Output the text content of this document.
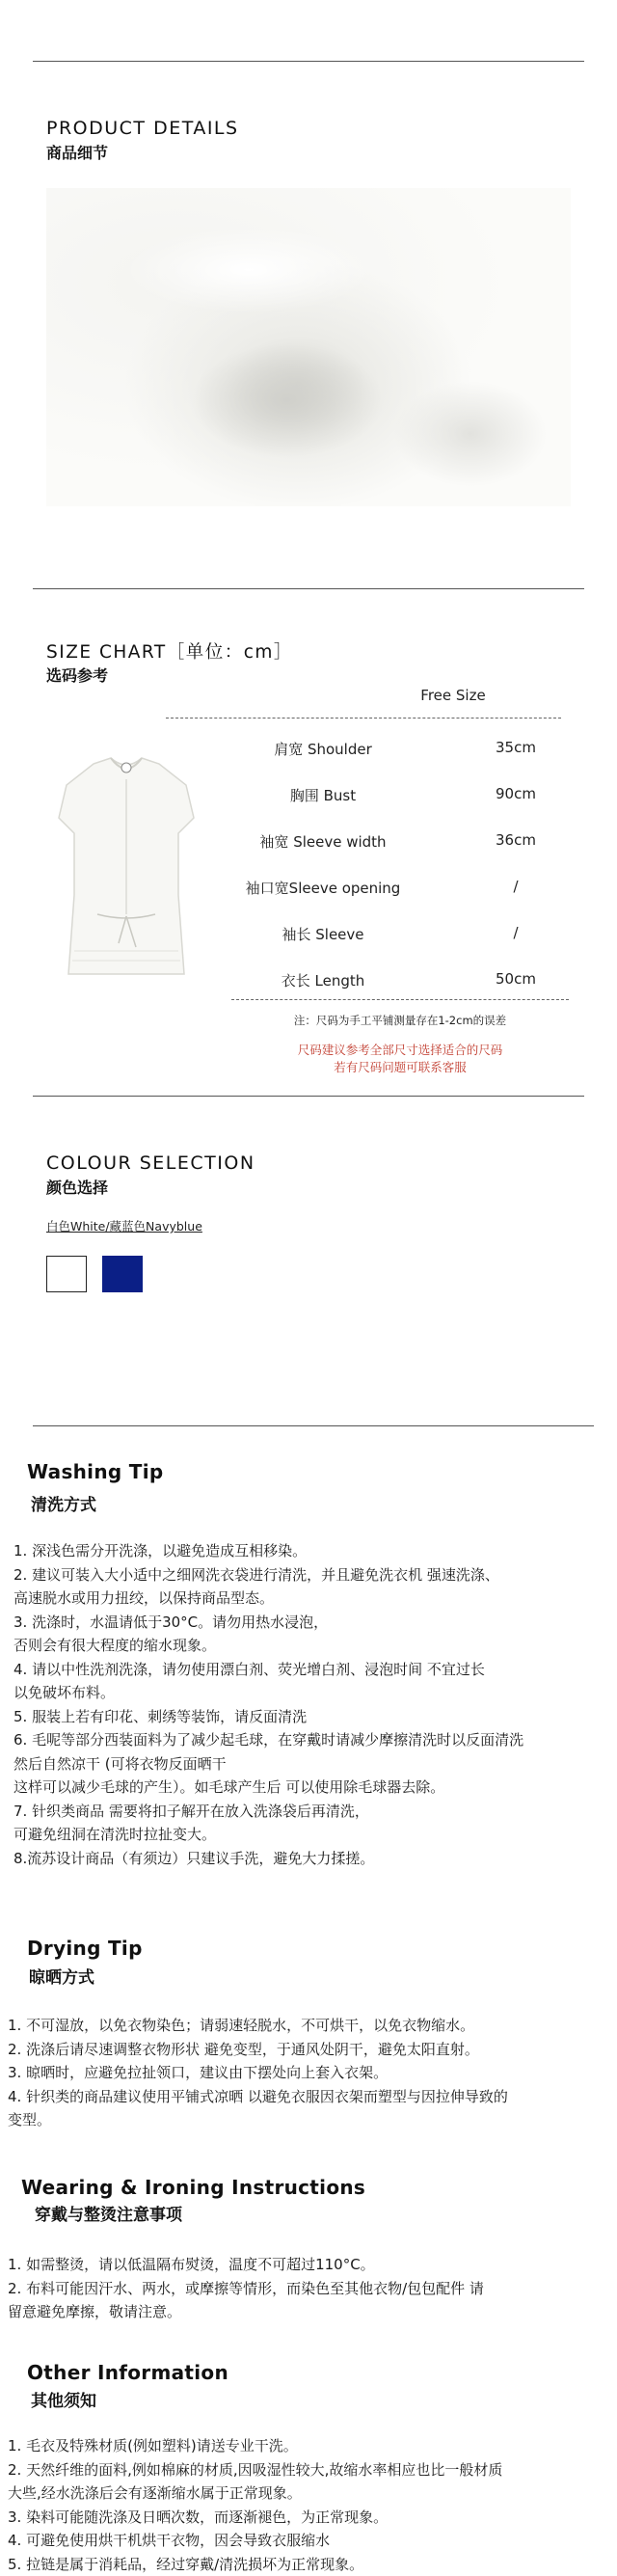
PRODUCT DETAILS
商品细节
SIZE CHART［单位：cm］
选码参考
Free Size
肩宽 Shoulder	35cm
胸围 Bust	90cm
袖宽 Sleeve width	36cm
袖口宽Sleeve opening	/
袖长 Sleeve	/
衣长 Length	50cm
注：尺码为手工平铺测量存在1-2cm的误差
尺码建议参考全部尺寸选择适合的尺码
若有尺码问题可联系客服
COLOUR SELECTION
颜色选择
白色White/藏蓝色Navyblue
Washing Tip
清洗方式
1. 深浅色需分开洗涤，以避免造成互相移染。
2. 建议可装入大小适中之细网洗衣袋进行清洗，并且避免洗衣机 强速洗涤、
高速脱水或用力扭绞，以保持商品型态。
3. 洗涤时，水温请低于30°C。请勿用热水浸泡，
否则会有很大程度的缩水现象。
4. 请以中性洗剂洗涤，请勿使用漂白剂、荧光增白剂、浸泡时间 不宜过长
以免破坏布料。
5. 服装上若有印花、刺绣等装饰，请反面清洗
6. 毛呢等部分西装面料为了减少起毛球，在穿戴时请减少摩擦清洗时以反面清洗
然后自然凉干 (可将衣物反面晒干
这样可以减少毛球的产生）。如毛球产生后 可以使用除毛球器去除。
7. 针织类商品 需要将扣子解开在放入洗涤袋后再清洗，
可避免纽洞在清洗时拉扯变大。
8.流苏设计商品（有须边）只建议手洗，避免大力揉搓。
Drying Tip
晾晒方式
1. 不可湿放，以免衣物染色；请弱速轻脱水，不可烘干，以免衣物缩水。
2. 洗涤后请尽速调整衣物形状 避免变型，于通风处阴干，避免太阳直射。
3. 晾晒时，应避免拉扯领口，建议由下摆处向上套入衣架。
4. 针织类的商品建议使用平铺式凉晒 以避免衣服因衣架而塑型与因拉伸导致的
变型。
Wearing & Ironing Instructions
穿戴与整烫注意事项
1. 如需整烫，请以低温隔布熨烫，温度不可超过110°C。
2. 布料可能因汗水、两水，或摩擦等情形，而染色至其他衣物/包包配件 请
留意避免摩擦，敬请注意。
Other Information
其他须知
1. 毛衣及特殊材质(例如塑料)请送专业干洗。
2. 天然纤维的面料,例如棉麻的材质,因吸湿性较大,故缩水率相应也比一般材质
大些,经水洗涤后会有逐渐缩水属于正常现象。
3. 染料可能随洗涤及日晒次数，而逐渐褪色，为正常现象。
4. 可避免使用烘干机烘干衣物，因会导致衣服缩水
5. 拉链是属于消耗品，经过穿戴/清洗损坏为正常现象。
